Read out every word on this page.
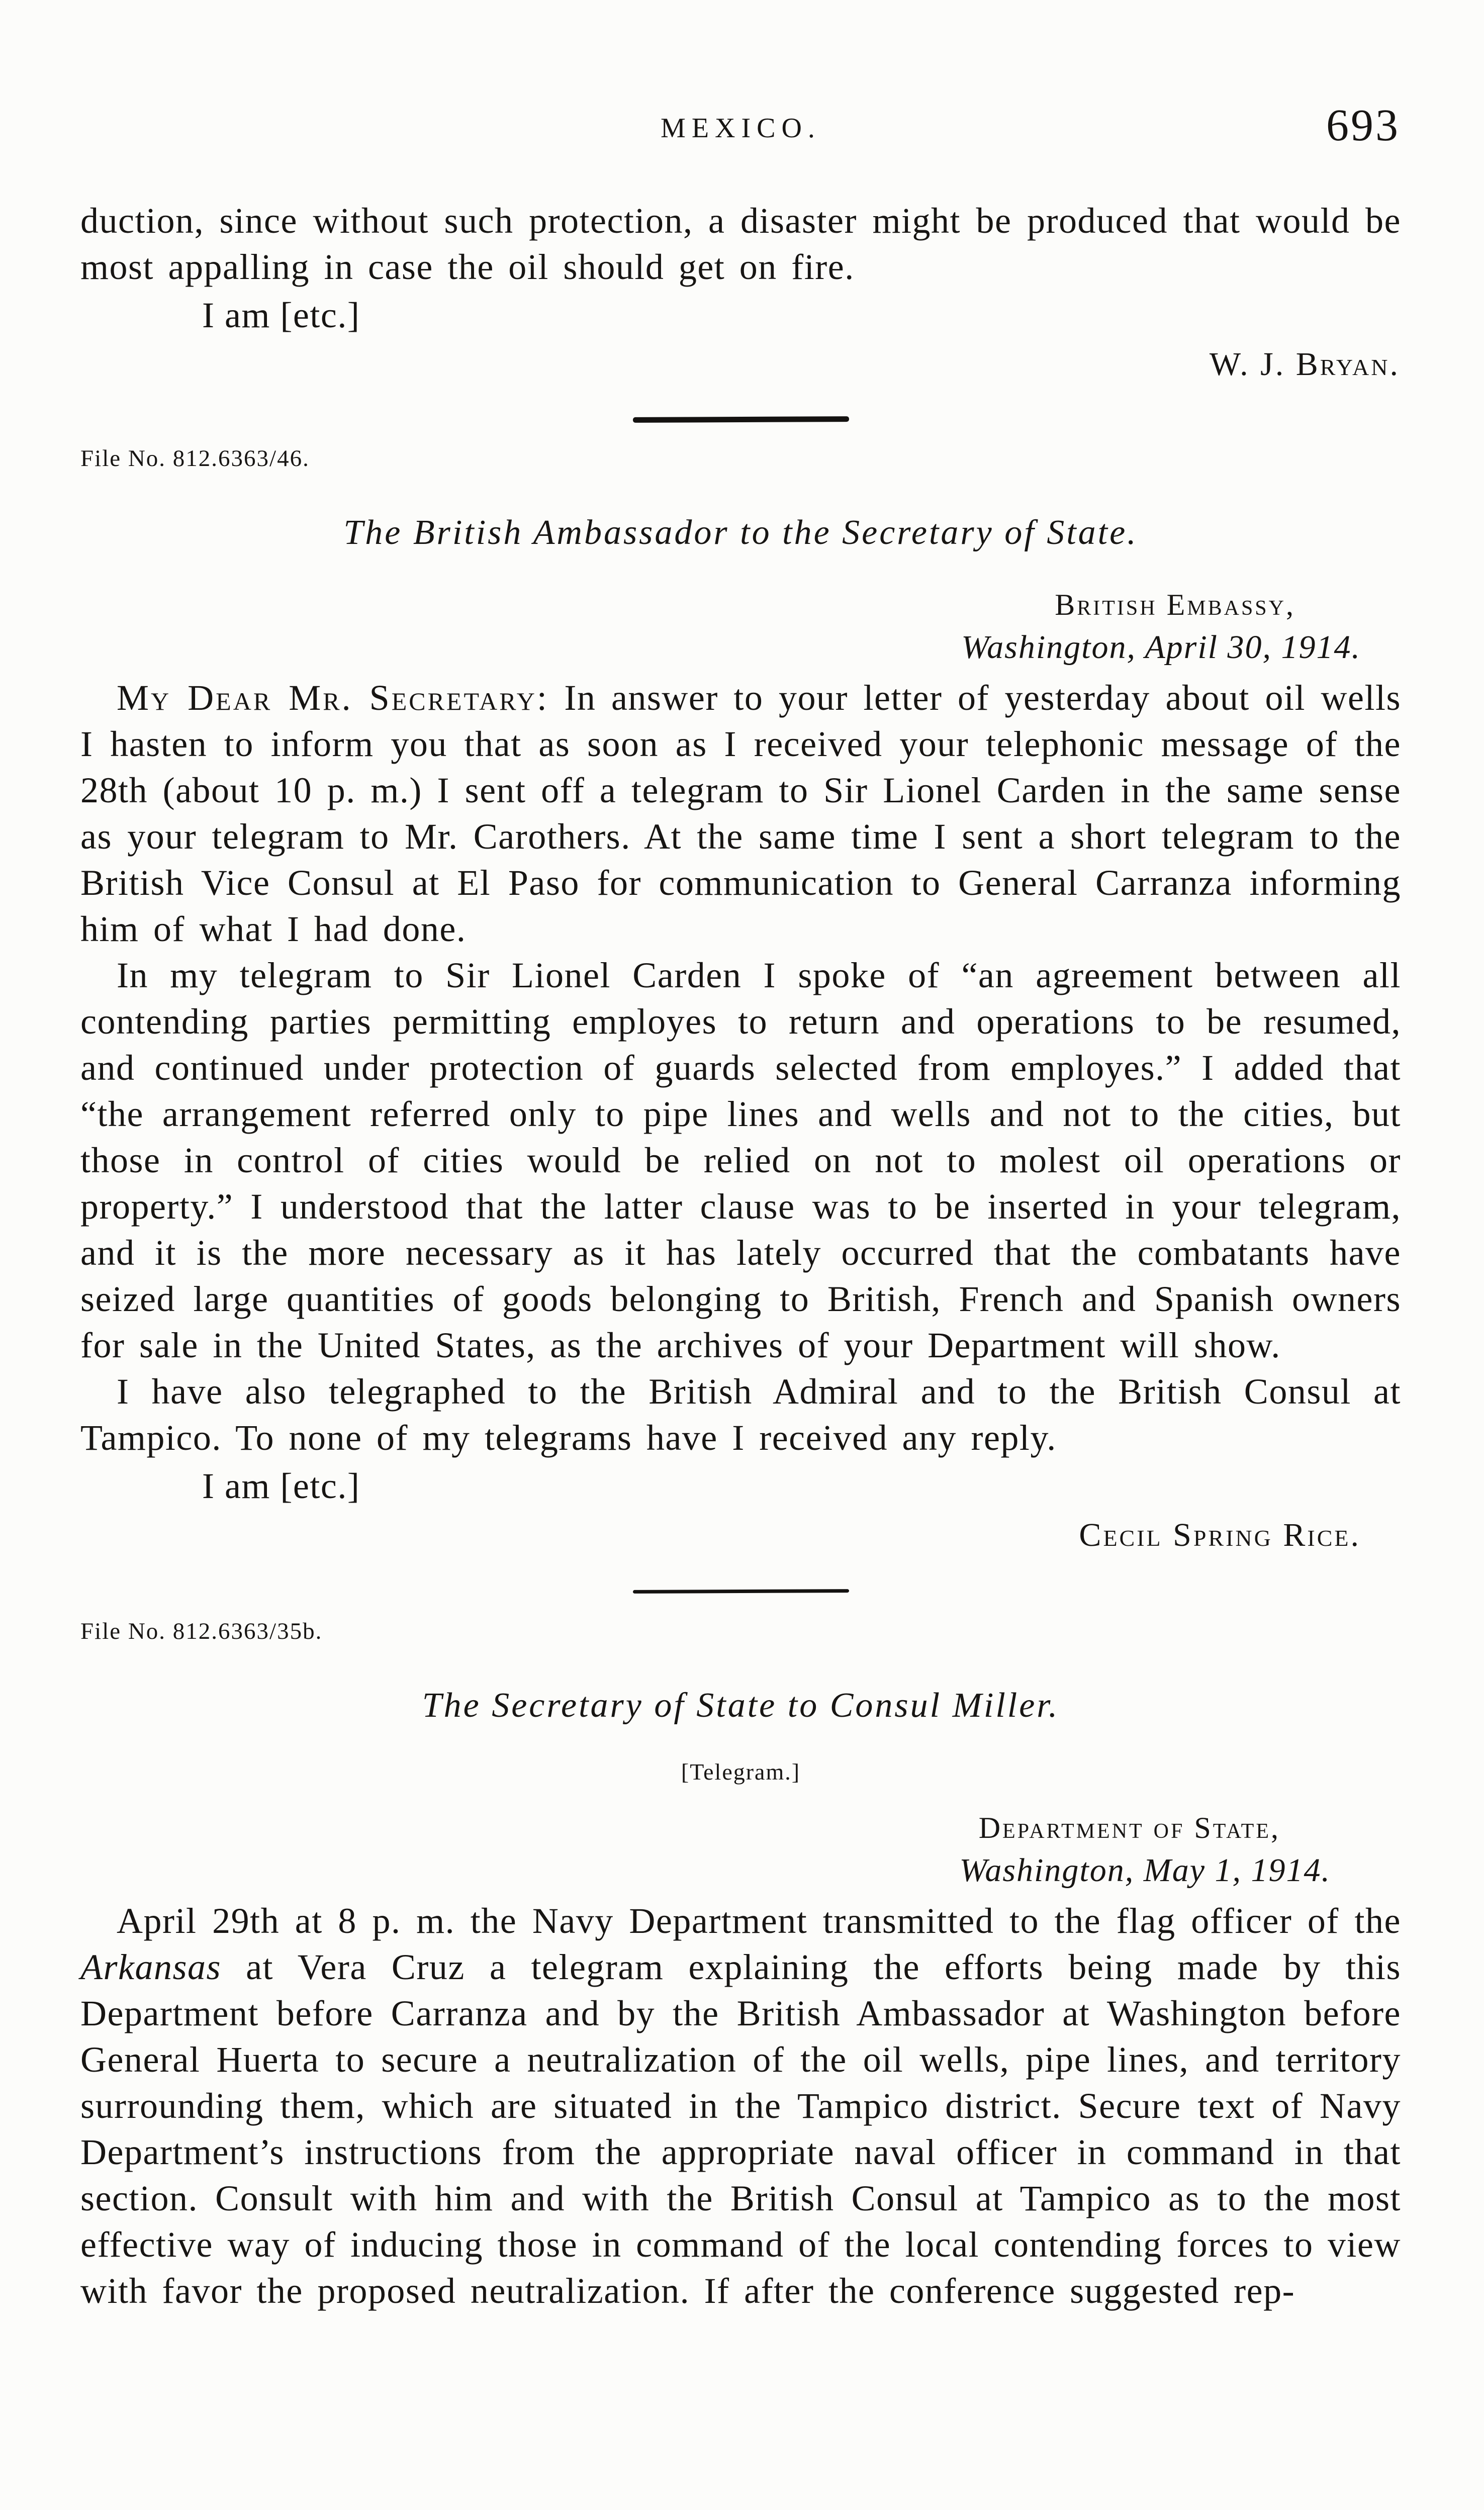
MEXICO.	693

duction, since without such protection, a disaster might be produced that would be most appalling in case the oil should get on fire.

I am [etc.]

W. J. Bryan.

File No. 812.6363/46.

The British Ambassador to the Secretary of State.

British Embassy,

Washington, April 30, 1914.

My Dear Mr. Secretary: In answer to your letter of yesterday about oil wells I hasten to inform you that as soon as I received your telephonic message of the 28th (about 10 p. m.) I sent off a telegram to Sir Lionel Carden in the same sense as your telegram to Mr. Carothers. At the same time I sent a short telegram to the British Vice Consul at El Paso for communication to General Carranza informing him of what I had done.

In my telegram to Sir Lionel Carden I spoke of “an agreement between all contending parties permitting employes to return and operations to be resumed, and continued under protection of guards selected from employes.” I added that “the arrangement referred only to pipe lines and wells and not to the cities, but those in control of cities would be relied on not to molest oil operations or property.” I understood that the latter clause was to be inserted in your telegram, and it is the more necessary as it has lately occurred that the combatants have seized large quantities of goods belonging to British, French and Spanish owners for sale in the United States, as the archives of your Department will show.

I have also telegraphed to the British Admiral and to the British Consul at Tampico. To none of my telegrams have I received any reply.

I am [etc.]

Cecil Spring Rice.

File No. 812.6363/35b.

The Secretary of State to Consul Miller.

[Telegram.]

Department of State,

Washington, May 1, 1914.

April 29th at 8 p. m. the Navy Department transmitted to the flag officer of the Arkansas at Vera Cruz a telegram explaining the efforts being made by this Department before Carranza and by the British Ambassador at Washington before General Huerta to secure a neutralization of the oil wells, pipe lines, and territory surrounding them, which are situated in the Tampico district. Secure text of Navy Department’s instructions from the appropriate naval officer in command in that section. Consult with him and with the British Consul at Tampico as to the most effective way of inducing those in command of the local contending forces to view with favor the proposed neutralization. If after the conference suggested rep-
